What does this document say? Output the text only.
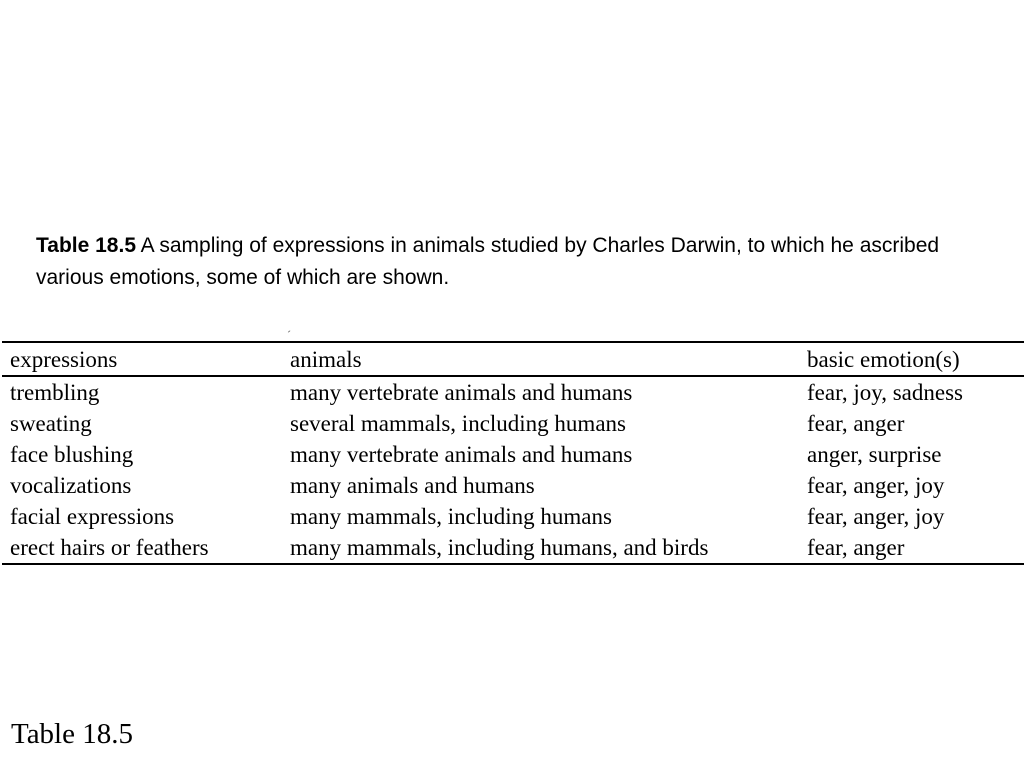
Table 18.5 A sampling of expressions in animals studied by Charles Darwin, to which he ascribed various emotions, some of which are shown.

´
expressions	animals	basic emotion(s)
trembling	many vertebrate animals and humans	fear, joy, sadness
sweating	several mammals, including humans	fear, anger
face blushing	many vertebrate animals and humans	anger, surprise
vocalizations	many animals and humans	fear, anger, joy
facial expressions	many mammals, including humans	fear, anger, joy
erect hairs or feathers	many mammals, including humans, and birds	fear, anger

Table 18.5
